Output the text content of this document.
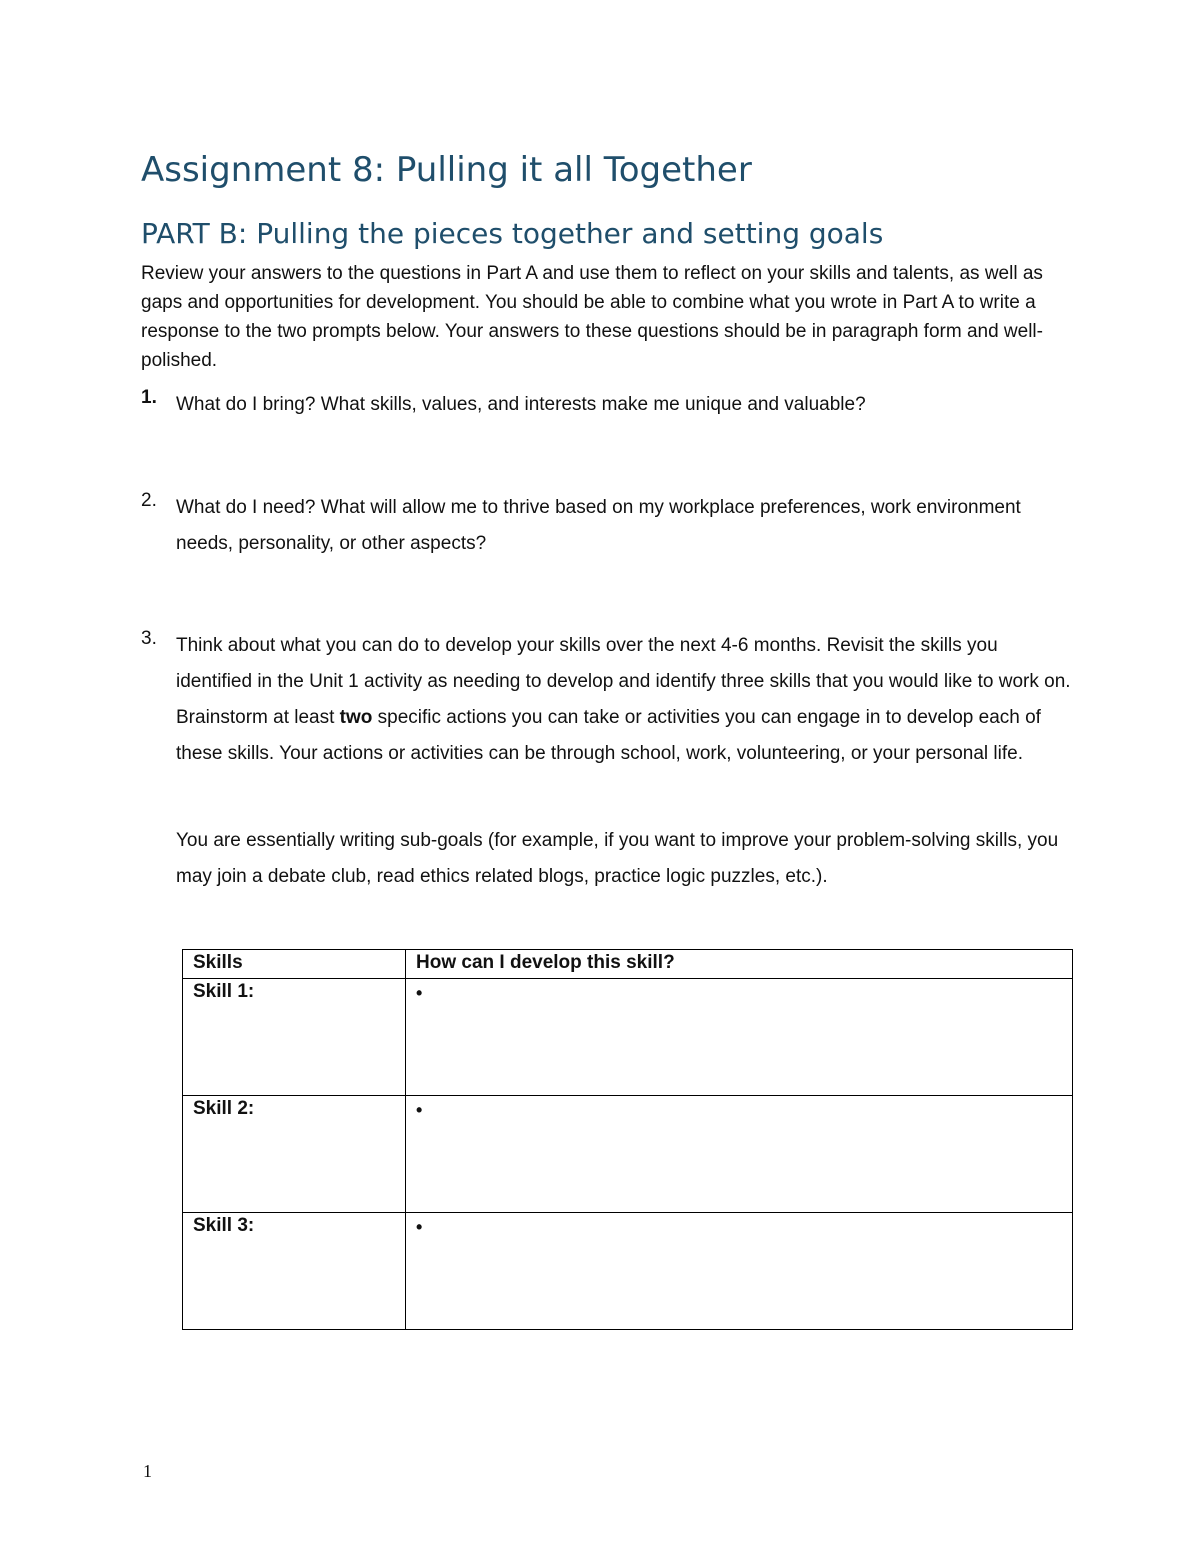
Assignment 8: Pulling it all Together
PART B: Pulling the pieces together and setting goals

Review your answers to the questions in Part A and use them to reflect on your skills and talents, as well as gaps and opportunities for development. You should be able to combine what you wrote in Part A to write a response to the two prompts below. Your answers to these questions should be in paragraph form and well-polished.

1.	What do I bring? What skills, values, and interests make me unique and valuable?
2.	What do I need? What will allow me to thrive based on my workplace preferences, work environment needs, personality, or other aspects?
3.	Think about what you can do to develop your skills over the next 4-6 months. Revisit the skills you identified in the Unit 1 activity as needing to develop and identify three skills that you would like to work on. Brainstorm at least two specific actions you can take or activities you can engage in to develop each of these skills. Your actions or activities can be through school, work, volunteering, or your personal life.

You are essentially writing sub-goals (for example, if you want to improve your problem-solving skills, you may join a debate club, read ethics related blogs, practice logic puzzles, etc.).

Skills	How can I develop this skill?
Skill 1:	•
Skill 2:	•
Skill 3:	•
1
